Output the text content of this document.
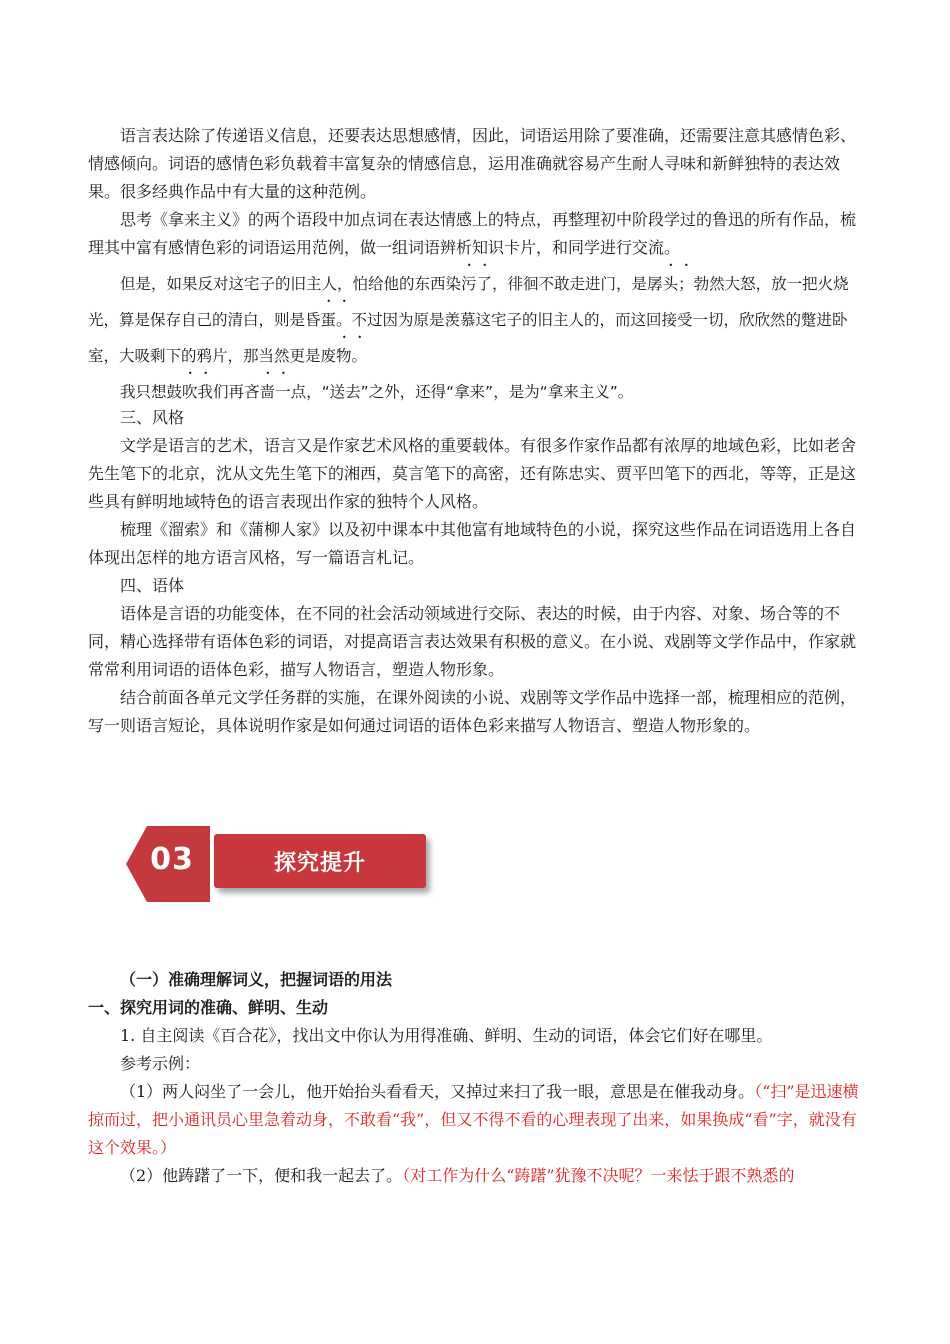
语言表达除了传递语义信息，还要表达思想感情，因此，词语运用除了要准确，还需要注意其感情色彩、情感倾向。词语的感情色彩负载着丰富复杂的情感信息，运用准确就容易产生耐人寻味和新鲜独特的表达效果。很多经典作品中有大量的这种范例。

思考《拿来主义》的两个语段中加点词在表达情感上的特点，再整理初中阶段学过的鲁迅的所有作品，梳理其中富有感情色彩的词语运用范例，做一组词语辨析知识卡片，和同学进行交流。

但是，如果反对这宅子的旧主人，怕给他的东西染污了，徘徊不敢走进门，是孱头；勃然大怒，放一把火烧光，算是保存自己的清白，则是昏蛋。不过因为原是羡慕这宅子的旧主人的，而这回接受一切，欣欣然的蹩进卧室，大吸剩下的鸦片，那当然更是废物。

我只想鼓吹我们再吝啬一点，“送去”之外，还得“拿来”，是为“拿来主义”。

三、风格

文学是语言的艺术，语言又是作家艺术风格的重要载体。有很多作家作品都有浓厚的地域色彩，比如老舍先生笔下的北京，沈从文先生笔下的湘西，莫言笔下的高密，还有陈忠实、贾平凹笔下的西北，等等，正是这些具有鲜明地域特色的语言表现出作家的独特个人风格。

梳理《溜索》和《蒲柳人家》以及初中课本中其他富有地域特色的小说，探究这些作品在词语选用上各自体现出怎样的地方语言风格，写一篇语言札记。

四、语体

语体是言语的功能变体，在不同的社会活动领域进行交际、表达的时候，由于内容、对象、场合等的不同，精心选择带有语体色彩的词语，对提高语言表达效果有积极的意义。在小说、戏剧等文学作品中，作家就常常利用词语的语体色彩，描写人物语言，塑造人物形象。

结合前面各单元文学任务群的实施，在课外阅读的小说、戏剧等文学作品中选择一部，梳理相应的范例，写一则语言短论，具体说明作家是如何通过词语的语体色彩来描写人物语言、塑造人物形象的。

03	探究提升

（一）准确理解词义，把握词语的用法

一、探究用词的准确、鲜明、生动

1. 自主阅读《百合花》，找出文中你认为用得准确、鲜明、生动的词语，体会它们好在哪里。

参考示例：

（1）两人闷坐了一会儿，他开始抬头看看天，又掉过来扫了我一眼，意思是在催我动身。（“扫”是迅速横掠而过，把小通讯员心里急着动身，不敢看“我”，但又不得不看的心理表现了出来，如果换成“看”字，就没有这个效果。）

（2）他踌躇了一下，便和我一起去了。（对工作为什么“踌躇”犹豫不决呢？一来怯于跟不熟悉的
